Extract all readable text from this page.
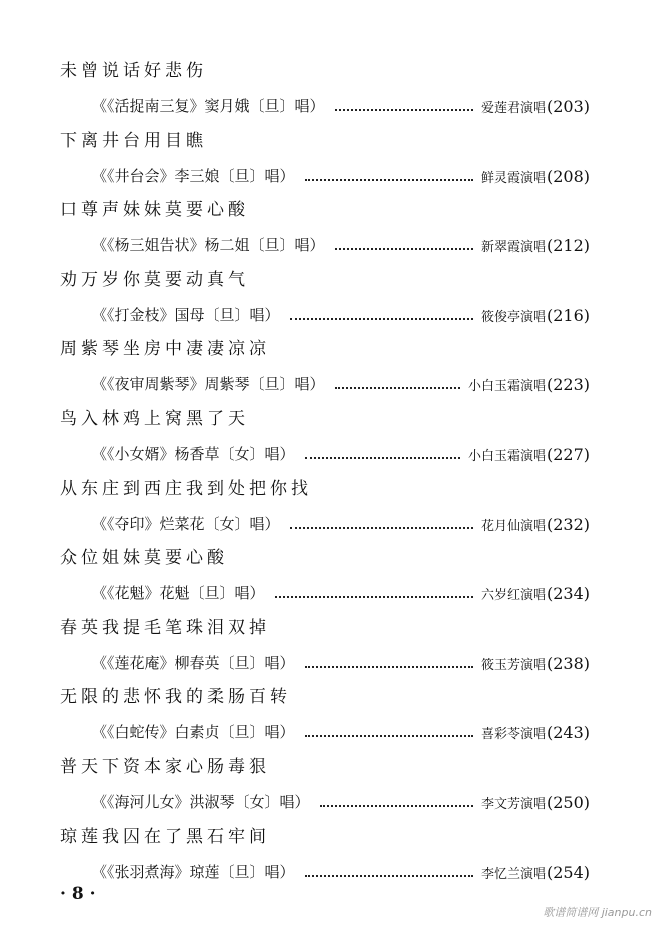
未曾说话好悲伤
《《活捉南三复》窦月娥〔旦〕唱）	爱莲君演唱 (203)
下离井台用目瞧
《《井台会》李三娘〔旦〕唱）	鲜灵霞演唱 (208)
口尊声妹妹莫要心酸
《《杨三姐告状》杨二姐〔旦〕唱）	新翠霞演唱 (212)
劝万岁你莫要动真气
《《打金枝》国母〔旦〕唱）	筱俊亭演唱 (216)
周紫琴坐房中凄凄凉凉
《《夜审周紫琴》周紫琴〔旦〕唱）	小白玉霜演唱 (223)
鸟入林鸡上窝黑了天
《《小女婿》杨香草〔女〕唱）	小白玉霜演唱 (227)
从东庄到西庄我到处把你找
《《夺印》烂菜花〔女〕唱）	花月仙演唱 (232)
众位姐妹莫要心酸
《《花魁》花魁〔旦〕唱）	六岁红演唱 (234)
春英我提毛笔珠泪双掉
《《莲花庵》柳春英〔旦〕唱）	筱玉芳演唱 (238)
无限的悲怀我的柔肠百转
《《白蛇传》白素贞〔旦〕唱）	喜彩苓演唱 (243)
普天下资本家心肠毒狠
《《海河儿女》洪淑琴〔女〕唱）	李文芳演唱 (250)
琼莲我囚在了黑石牢间
《《张羽煮海》琼莲〔旦〕唱）	李忆兰演唱 (254)
· 8 ·
歌谱简谱网 jianpu.cn
